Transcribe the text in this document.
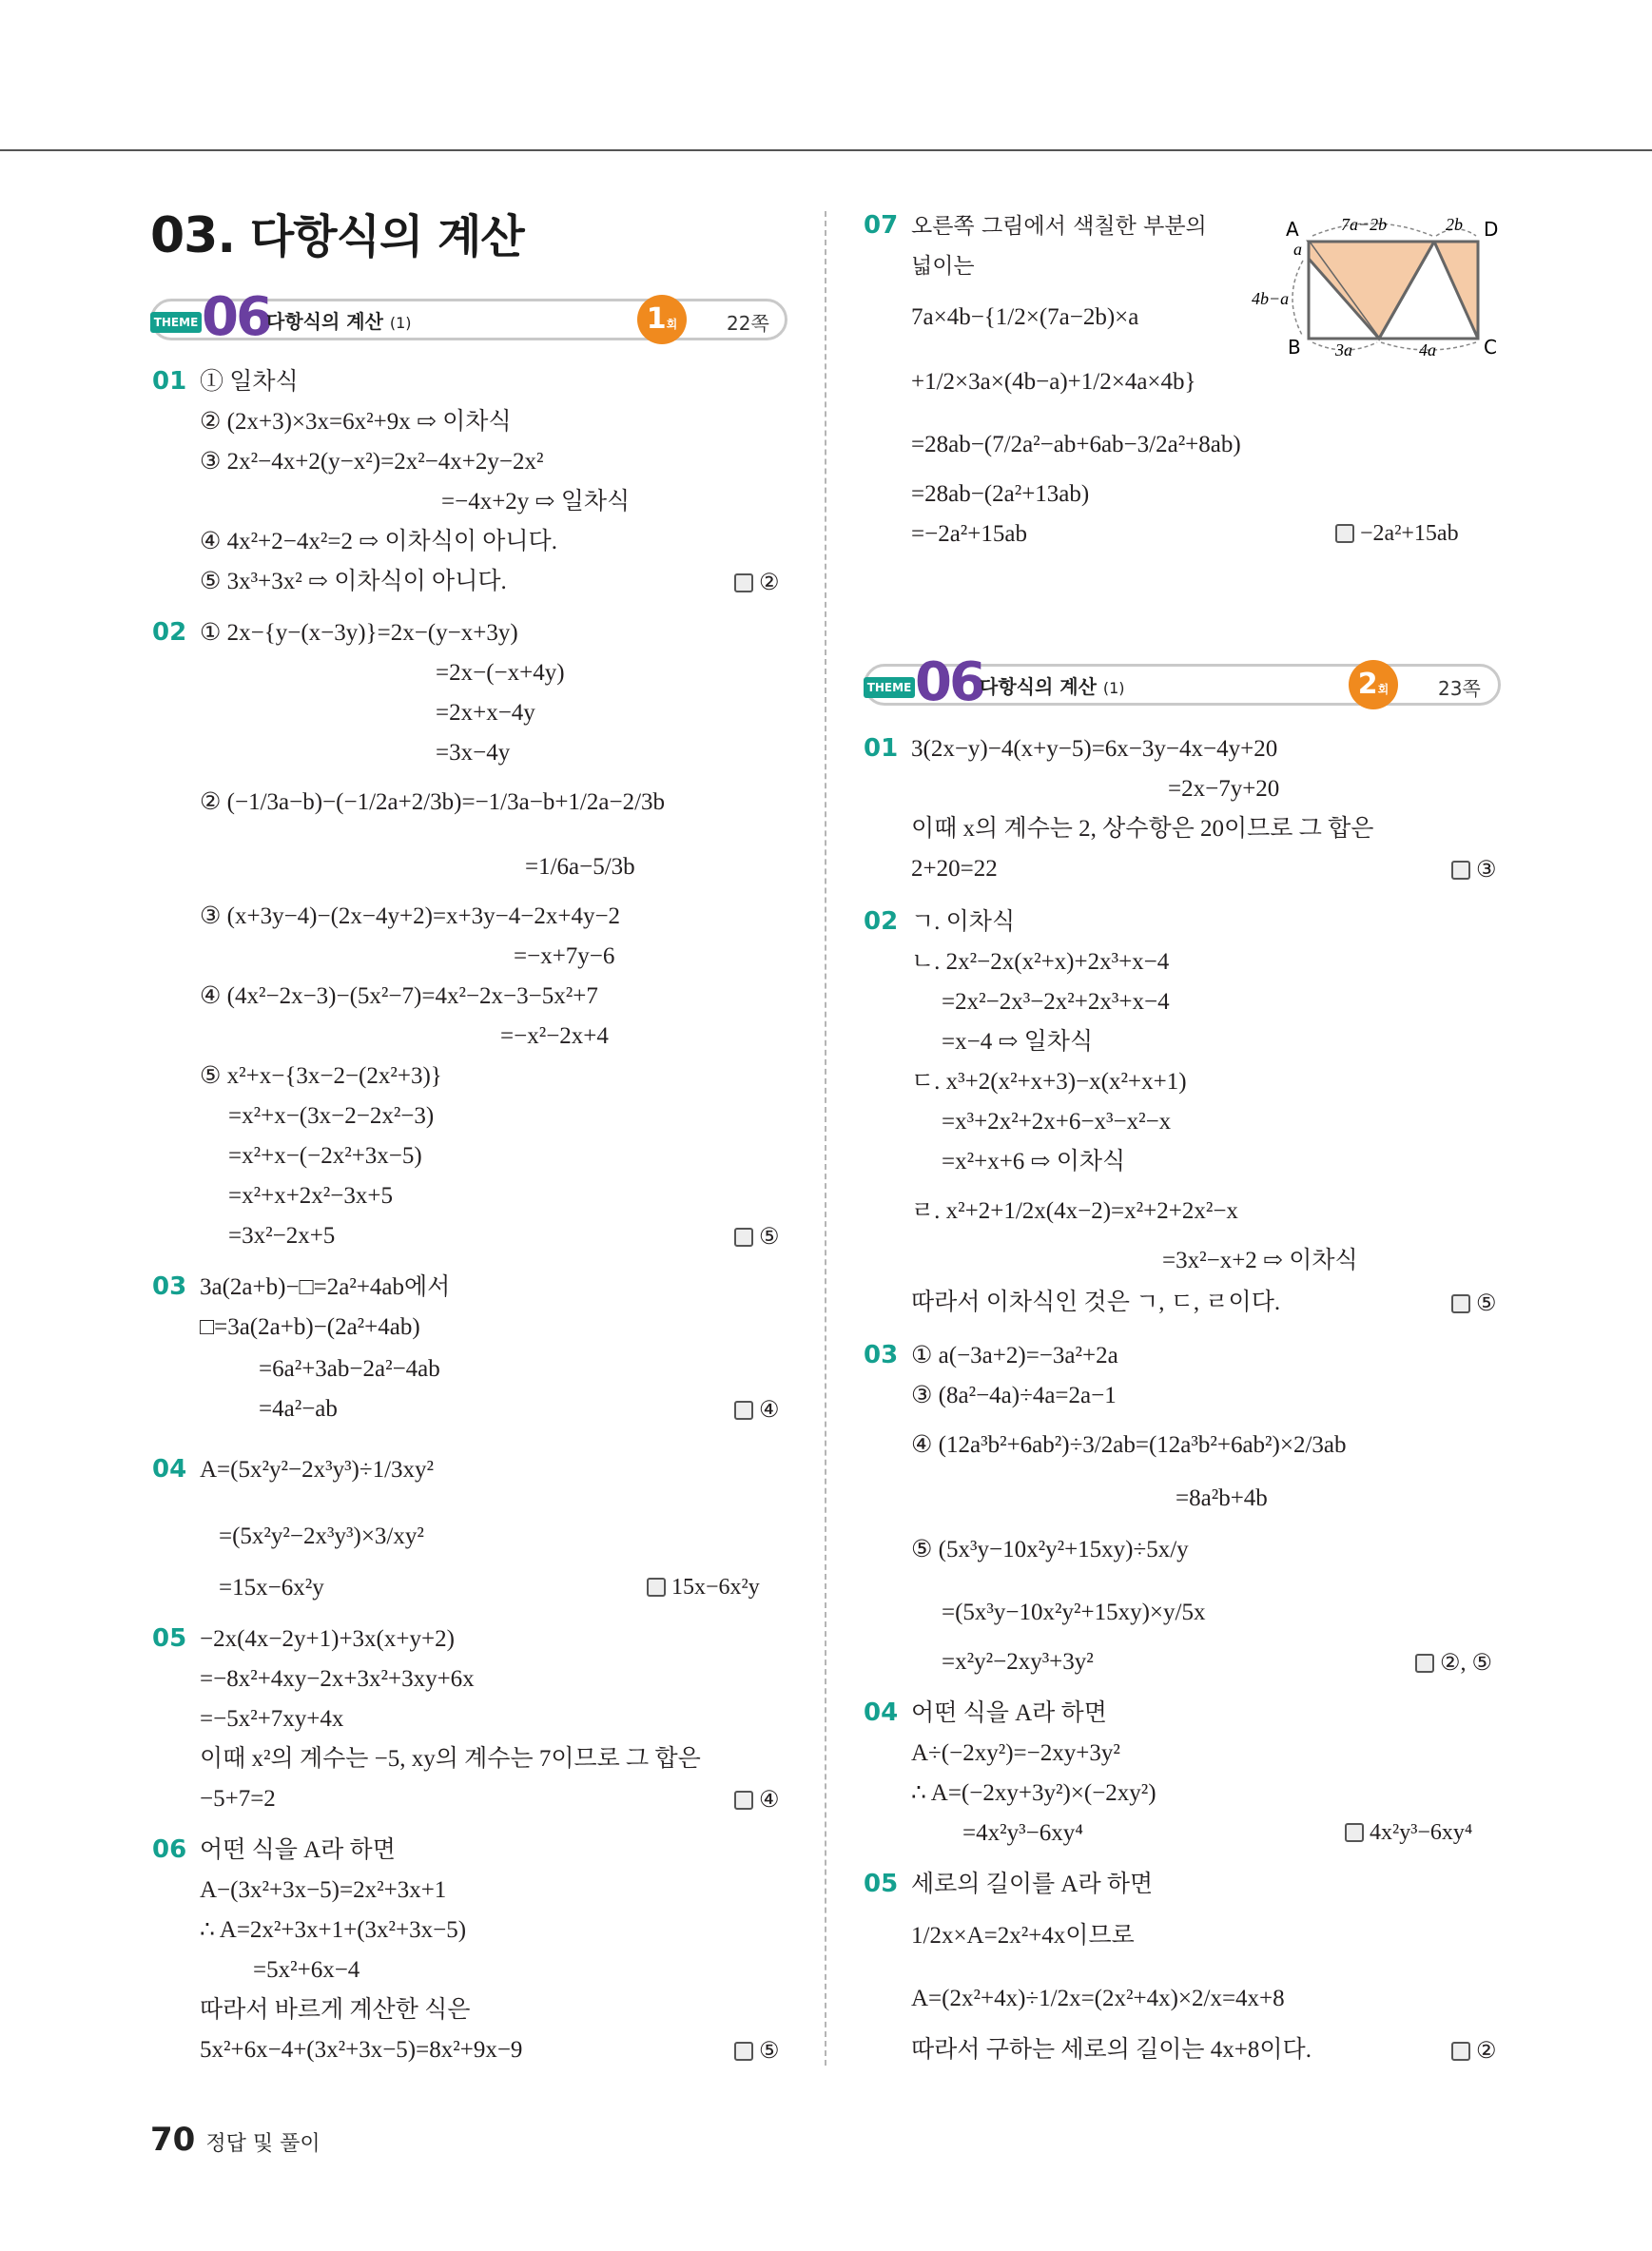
03. 다항식의 계산
THEME 06
다항식의 계산 (1)	1회	22쪽
THEME 06
다항식의 계산 (1)	2회	23쪽
01 ① 일차식
② (2x+3)×3x=6x²+9x ⇨ 이차식
③ 2x²−4x+2(y−x²)=2x²−4x+2y−2x²
=−4x+2y ⇨ 일차식
④ 4x²+2−4x²=2 ⇨ 이차식이 아니다.
⑤ 3x³+3x² ⇨ 이차식이 아니다.	②
02 ① 2x−{y−(x−3y)}=2x−(y−x+3y)
=2x−(−x+4y)
=2x+x−4y
=3x−4y
② (−1/3a−b)−(−1/2a+2/3b)=−1/3a−b+1/2a−2/3b
=1/6a−5/3b
③ (x+3y−4)−(2x−4y+2)=x+3y−4−2x+4y−2
=−x+7y−6
④ (4x²−2x−3)−(5x²−7)=4x²−2x−3−5x²+7
=−x²−2x+4
⑤ x²+x−{3x−2−(2x²+3)}
=x²+x−(3x−2−2x²−3)
=x²+x−(−2x²+3x−5)
=x²+x+2x²−3x+5
=3x²−2x+5	⑤
03 3a(2a+b)−□=2a²+4ab에서
□=3a(2a+b)−(2a²+4ab)
=6a²+3ab−2a²−4ab
=4a²−ab	④
04 A=(5x²y²−2x³y³)÷1/3xy²
=(5x²y²−2x³y³)×3/xy²
=15x−6x²y	15x−6x²y
05 −2x(4x−2y+1)+3x(x+y+2)
=−8x²+4xy−2x+3x²+3xy+6x
=−5x²+7xy+4x
이때 x²의 계수는 −5, xy의 계수는 7이므로 그 합은
−5+7=2	④
06 어떤 식을 A라 하면
A−(3x²+3x−5)=2x²+3x+1
∴ A=2x²+3x+1+(3x²+3x−5)
=5x²+6x−4
따라서 바르게 계산한 식은
5x²+6x−4+(3x²+3x−5)=8x²+9x−9	⑤
07 오른쪽 그림에서 색칠한 부분의
넓이는
7a×4b−{1/2×(7a−2b)×a
+1/2×3a×(4b−a)+1/2×4a×4b}
=28ab−(7/2a²−ab+6ab−3/2a²+8ab)
=28ab−(2a²+13ab)
=−2a²+15ab	−2a²+15ab
A	D
B	C
7a−2b	2b
a
4b−a
3a	4a
01 3(2x−y)−4(x+y−5)=6x−3y−4x−4y+20
=2x−7y+20
이때 x의 계수는 2, 상수항은 20이므로 그 합은
2+20=22	③
02 ㄱ. 이차식
ㄴ. 2x²−2x(x²+x)+2x³+x−4
=2x²−2x³−2x²+2x³+x−4
=x−4 ⇨ 일차식
ㄷ. x³+2(x²+x+3)−x(x²+x+1)
=x³+2x²+2x+6−x³−x²−x
=x²+x+6 ⇨ 이차식
ㄹ. x²+2+1/2x(4x−2)=x²+2+2x²−x
=3x²−x+2 ⇨ 이차식
따라서 이차식인 것은 ㄱ, ㄷ, ㄹ이다.	⑤
03 ① a(−3a+2)=−3a²+2a
③ (8a²−4a)÷4a=2a−1
④ (12a³b²+6ab²)÷3/2ab=(12a³b²+6ab²)×2/3ab
=8a²b+4b
⑤ (5x³y−10x²y²+15xy)÷5x/y
=(5x³y−10x²y²+15xy)×y/5x
=x²y²−2xy³+3y²	②, ⑤
04 어떤 식을 A라 하면
A÷(−2xy²)=−2xy+3y²
∴ A=(−2xy+3y²)×(−2xy²)
=4x²y³−6xy⁴	4x²y³−6xy⁴
05 세로의 길이를 A라 하면
1/2x×A=2x²+4x이므로
A=(2x²+4x)÷1/2x=(2x²+4x)×2/x=4x+8
따라서 구하는 세로의 길이는 4x+8이다.	②
70 정답 및 풀이
